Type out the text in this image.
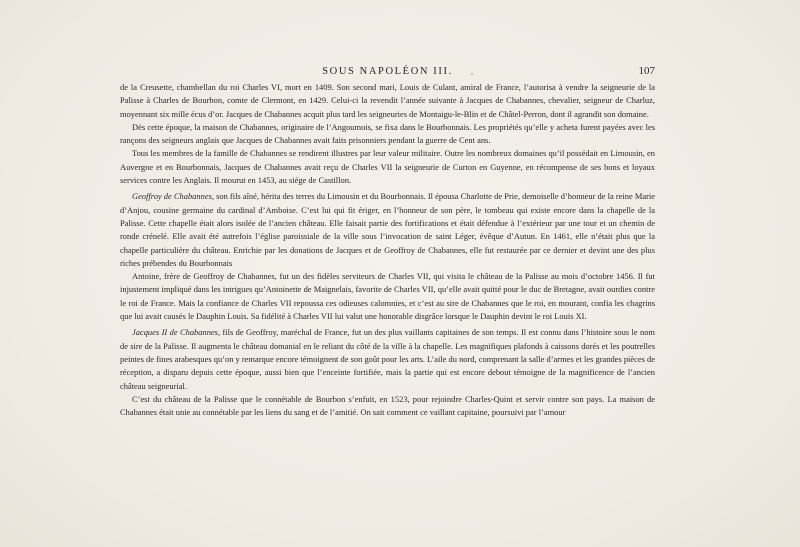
SOUS NAPOLÉON III.	107

de la Creusette, chambellan du roi Charles VI, mort en 1409. Son second mari, Louis de Culant, amiral de France, l’autorisa à vendre la seigneurie de la Palisse à Charles de Bourbon, comte de Clermont, en 1429. Celui-ci la revendit l’année suivante à Jacques de Chabannes, chevalier, seigneur de Charluz, moyennant six mille écus d’or. Jacques de Chabannes acquit plus tard les seigneuries de Montaigu-le-Blin et de Châtel-Perron, dont il agrandit son domaine.

Dès cette époque, la maison de Chabannes, originaire de l’Angoumois, se fixa dans le Bourbonnais. Les propriétés qu’elle y acheta furent payées avec les rançons des seigneurs anglais que Jacques de Chabannes avait faits prisonniers pendant la guerre de Cent ans.

Tous les membres de la famille de Chabannes se rendirent illustres par leur valeur militaire. Outre les nombreux domaines qu’il possédait en Limousin, en Auvergne et en Bourbonnais, Jacques de Chabannes avait reçu de Charles VII la seigneurie de Curton en Guyenne, en récompense de ses bons et loyaux services contre les Anglais. Il mourut en 1453, au siége de Castillon.

Geoffroy de Chabannes, son fils aîné, hérita des terres du Limousin et du Bourbonnais. Il épousa Charlotte de Prie, demoiselle d’honneur de la reine Marie d’Anjou, cousine germaine du cardinal d’Amboise. C’est lui qui fit ériger, en l’honneur de son père, le tombeau qui existe encore dans la chapelle de la Palisse. Cette chapelle était alors isolée de l’ancien château. Elle faisait partie des fortifications et était défendue à l’extérieur par une tour et un chemin de ronde crénelé. Elle avait été autrefois l’église paroissiale de la ville sous l’invocation de saint Léger, évêque d’Autun. En 1461, elle n’était plus que la chapelle particulière du château. Enrichie par les donations de Jacques et de Geoffroy de Chabannes, elle fut restaurée par ce dernier et devint une des plus riches prébendes du Bourbonnais

Antoine, frère de Geoffroy de Chabannes, fut un des fidèles serviteurs de Charles VII, qui visita le château de la Palisse au mois d’octobre 1456. Il fut injustement impliqué dans les intrigues qu’Antoinette de Maignelais, favorite de Charles VII, qu’elle avait quitté pour le duc de Bretagne, avait ourdies contre le roi de France. Mais la confiance de Charles VII repoussa ces odieuses calomnies, et c’est au sire de Chabannes que le roi, en mourant, confia les chagrins que lui avait causés le Dauphin Louis. Sa fidélité à Charles VII lui valut une honorable disgrâce lorsque le Dauphin devint le roi Louis XI.

Jacques II de Chabannes, fils de Geoffroy, maréchal de France, fut un des plus vaillants capitaines de son temps. Il est connu dans l’histoire sous le nom de sire de la Palisse. Il augmenta le château domanial en le reliant du côté de la ville à la chapelle. Les magnifiques plafonds à caissons dorés et les poutrelles peintes de fines arabesques qu’on y remarque encore témoignent de son goût pour les arts. L’aile du nord, comprenant la salle d’armes et les grandes pièces de réception, a disparu depuis cette époque, aussi bien que l’enceinte fortifiée, mais la partie qui est encore debout témoigne de la magnificence de l’ancien château seigneurial.

C’est du château de la Palisse que le connétable de Bourbon s’enfuit, en 1523, pour rejoindre Charles-Quint et servir contre son pays. La maison de Chabannes était unie au connétable par les liens du sang et de l’amitié. On sait comment ce vaillant capitaine, poursuivi par l’amour
